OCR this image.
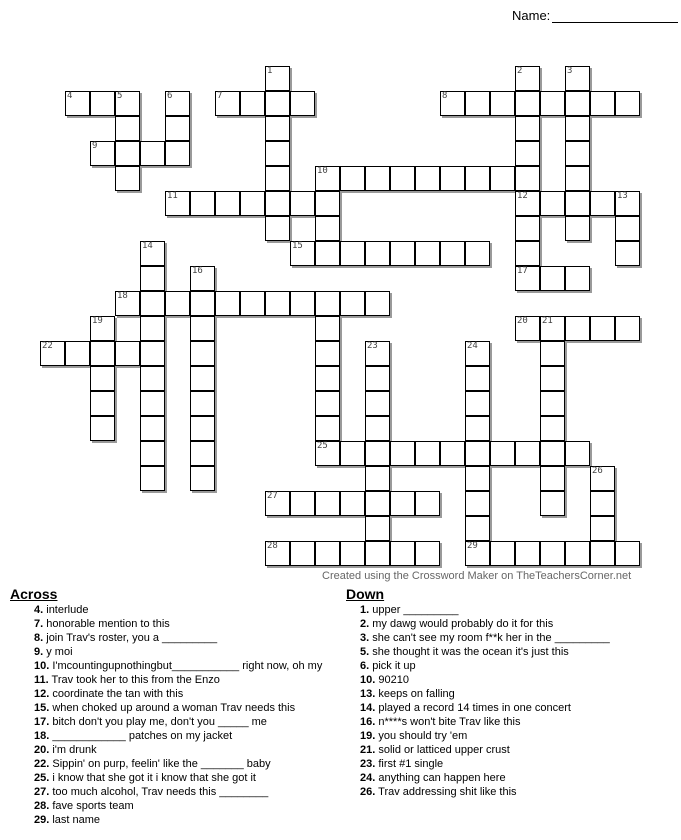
Name:
1	2	3
4	5	6	7	8
9
10
11	12	13
14	15
16	17
18
19	20 21
22	23	24
25
26
27
28	29
Created using the Crossword Maker on TheTeachersCorner.net
Across
4. interlude
7. honorable mention to this
8. join Trav's roster, you a _________
9. y moi
10. I'mcountingupnothingbut___________ right now, oh my
11. Trav took her to this from the Enzo
12. coordinate the tan with this
15. when choked up around a woman Trav needs this
17. bitch don't you play me, don't you _____ me
18. ____________ patches on my jacket
20. i'm drunk
22. Sippin' on purp, feelin' like the _______ baby
25. i know that she got it i know that she got it
27. too much alcohol, Trav needs this ________
28. fave sports team
29. last name
Down
1. upper _________
2. my dawg would probably do it for this
3. she can't see my room f**k her in the _________
5. she thought it was the ocean it's just this
6. pick it up
10. 90210
13. keeps on falling
14. played a record 14 times in one concert
16. n****s won't bite Trav like this
19. you should try 'em
21. solid or latticed upper crust
23. first #1 single
24. anything can happen here
26. Trav addressing shit like this
